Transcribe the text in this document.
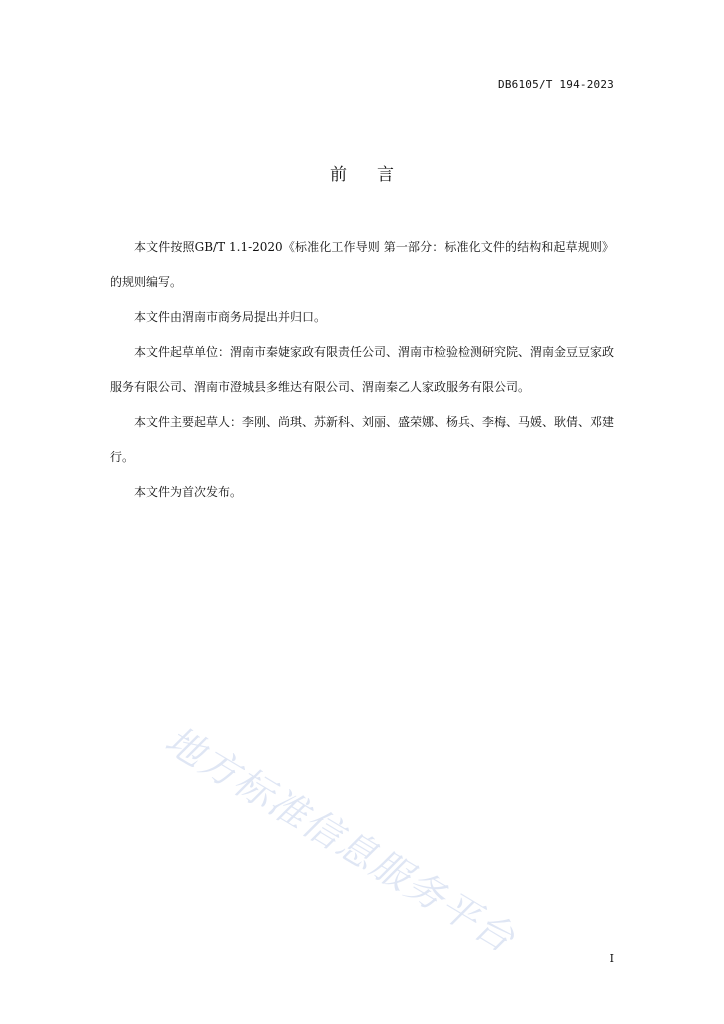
DB6105/T 194-2023
前言

本文件按照GB/T 1.1-2020《标准化工作导则 第一部分：标准化文件的结构和起草规则》的规则编写。

本文件由渭南市商务局提出并归口。

本文件起草单位：渭南市秦婕家政有限责任公司、渭南市检验检测研究院、渭南金豆豆家政服务有限公司、渭南市澄城县多维达有限公司、渭南秦乙人家政服务有限公司。

本文件主要起草人：李刚、尚琪、苏新科、刘丽、盛荣娜、杨兵、李梅、马媛、耿倩、邓建行。

本文件为首次发布。

地方标准信息服务平台	I
